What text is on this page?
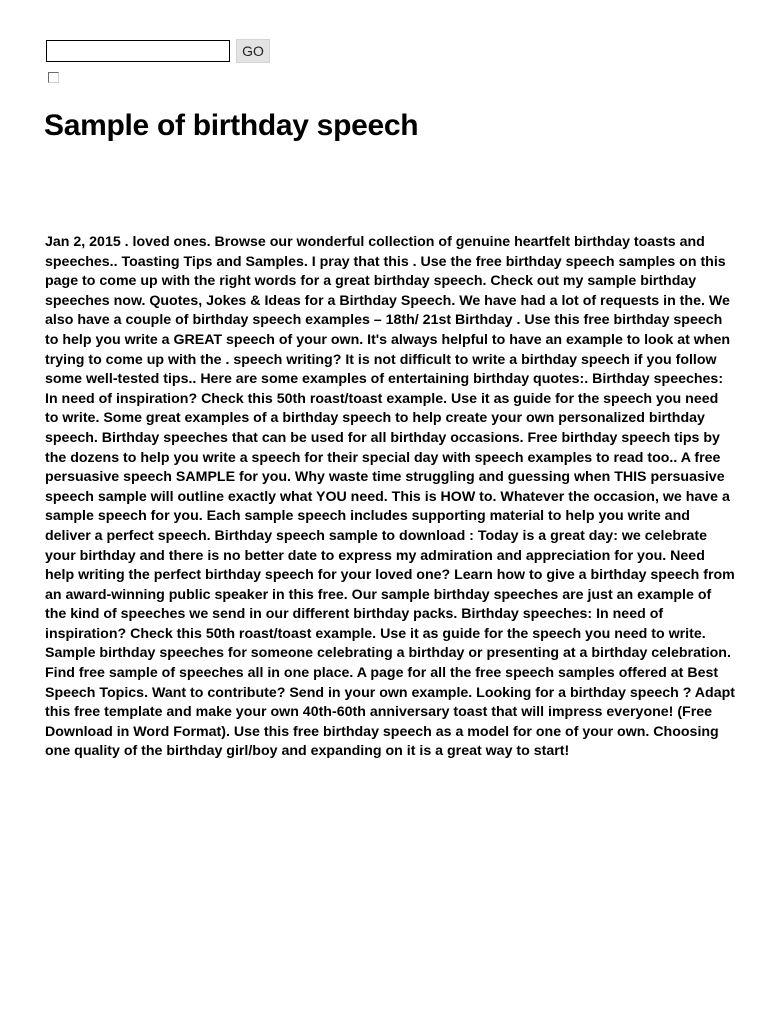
GO
Sample of birthday speech

Jan 2, 2015 . loved ones. Browse our wonderful collection of genuine heartfelt birthday toasts and speeches.. Toasting Tips and Samples. I pray that this . Use the free birthday speech samples on this page to come up with the right words for a great birthday speech. Check out my sample birthday speeches now. Quotes, Jokes & Ideas for a Birthday Speech. We have had a lot of requests in the. We also have a couple of birthday speech examples – 18th/ 21st Birthday . Use this free birthday speech to help you write a GREAT speech of your own. It's always helpful to have an example to look at when trying to come up with the . speech writing? It is not difficult to write a birthday speech if you follow some well-tested tips.. Here are some examples of entertaining birthday quotes:. Birthday speeches: In need of inspiration? Check this 50th roast/toast example. Use it as guide for the speech you need to write. Some great examples of a birthday speech to help create your own personalized birthday speech. Birthday speeches that can be used for all birthday occasions. Free birthday speech tips by the dozens to help you write a speech for their special day with speech examples to read too.. A free persuasive speech SAMPLE for you. Why waste time struggling and guessing when THIS persuasive speech sample will outline exactly what YOU need. This is HOW to. Whatever the occasion, we have a sample speech for you. Each sample speech includes supporting material to help you write and deliver a perfect speech. Birthday speech sample to download : Today is a great day: we celebrate your birthday and there is no better date to express my admiration and appreciation for you. Need help writing the perfect birthday speech for your loved one? Learn how to give a birthday speech from an award-winning public speaker in this free. Our sample birthday speeches are just an example of the kind of speeches we send in our different birthday packs. Birthday speeches: In need of inspiration? Check this 50th roast/toast example. Use it as guide for the speech you need to write. Sample birthday speeches for someone celebrating a birthday or presenting at a birthday celebration. Find free sample of speeches all in one place. A page for all the free speech samples offered at Best Speech Topics. Want to contribute? Send in your own example. Looking for a birthday speech ? Adapt this free template and make your own 40th-60th anniversary toast that will impress everyone! (Free Download in Word Format). Use this free birthday speech as a model for one of your own. Choosing one quality of the birthday girl/boy and expanding on it is a great way to start!
